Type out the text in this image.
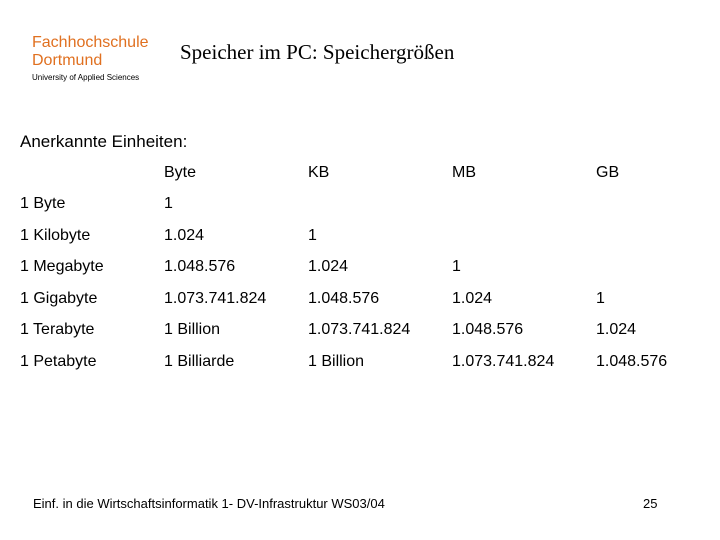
Fachhochschule
Dortmund
University of Applied Sciences
Speicher im PC: Speichergrößen
Anerkannte Einheiten:
	Byte	KB	MB	GB
1 Byte	1			
1 Kilobyte	1.024	1		
1 Megabyte	1.048.576	1.024	1	
1 Gigabyte	1.073.741.824	1.048.576	1.024	1
1 Terabyte	1 Billion	1.073.741.824	1.048.576	1.024
1 Petabyte	1 Billiarde	1 Billion	1.073.741.824	1.048.576
Einf. in die Wirtschaftsinformatik 1- DV-Infrastruktur WS03/04	25
